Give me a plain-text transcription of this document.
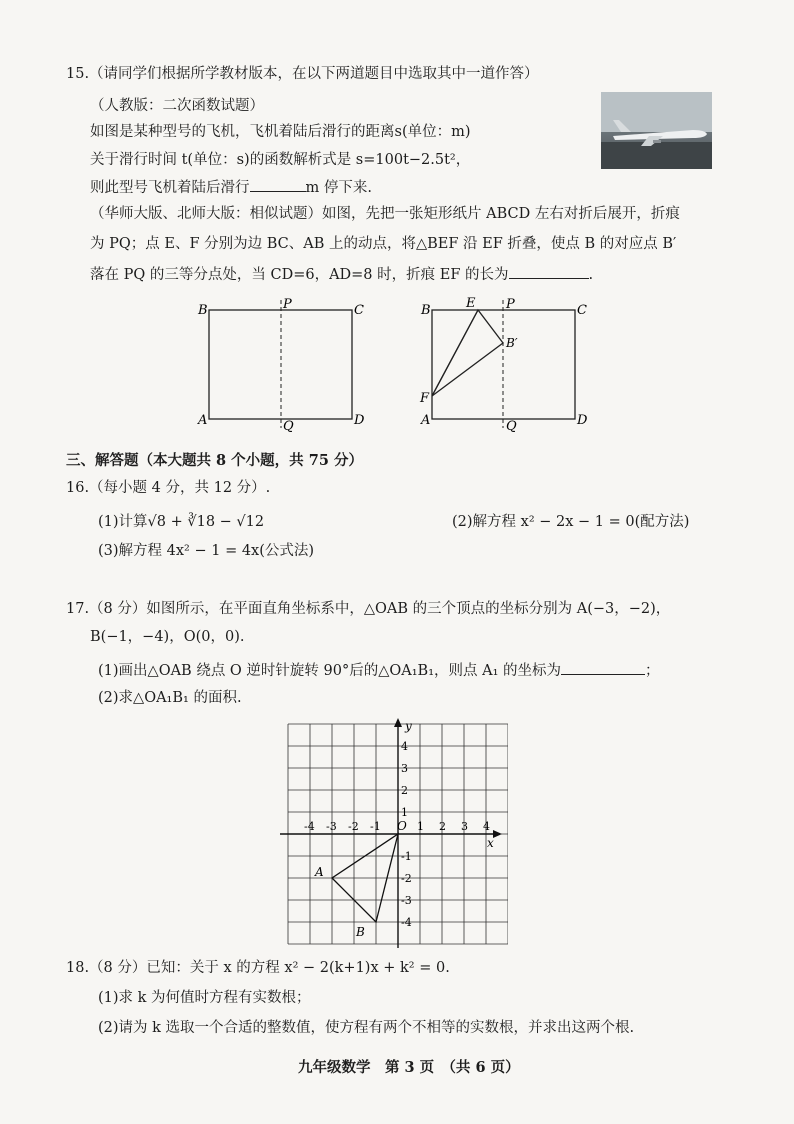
15.（请同学们根据所学教材版本，在以下两道题目中选取其中一道作答）
（人教版：二次函数试题）
如图是某种型号的飞机，飞机着陆后滑行的距离s(单位：m)
关于滑行时间 t(单位：s)的函数解析式是 s=100t−2.5t²，
则此型号飞机着陆后滑行	m 停下来.
（华师大版、北师大版：相似试题）如图，先把一张矩形纸片 ABCD 左右对折后展开，折痕
为 PQ；点 E、F 分别为边 BC、AB 上的动点，将△BEF 沿 EF 折叠，使点 B 的对应点 B′
落在 PQ 的三等分点处，当 CD=6，AD=8 时，折痕 EF 的长为	.
B	P	C
A	Q	D
B	E P	C
B′
F
A	Q	D
三、解答题（本大题共 8 个小题，共 75 分）
16.（每小题 4 分，共 12 分）.
(1)计算√8 + ∛18 − √12	(2)解方程 x² − 2x − 1 = 0(配方法)
(3)解方程 4x² − 1 = 4x(公式法)
17.（8 分）如图所示，在平面直角坐标系中，△OAB 的三个顶点的坐标分别为 A(−3，−2)，
B(−1，−4)，O(0，0).
(1)画出△OAB 绕点 O 逆时针旋转 90°后的△OA₁B₁，则点 A₁ 的坐标为	；
(2)求△OA₁B₁ 的面积.
x
y
O
-4 -3 -2 -1	1 2 3 4
4
3
2
1
-1
-2
-3
-4
A
B
18.（8 分）已知：关于 x 的方程 x² − 2(k+1)x + k² = 0.
(1)求 k 为何值时方程有实数根；
(2)请为 k 选取一个合适的整数值，使方程有两个不相等的实数根，并求出这两个根.
九年级数学　第 3 页　（共 6 页）
